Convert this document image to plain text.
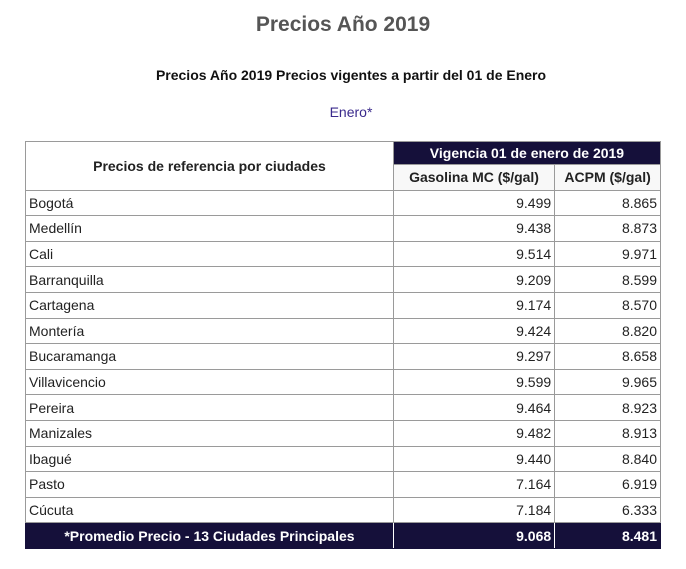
Precios Año 2019
Precios Año 2019 Precios vigentes a partir del 01 de Enero
Enero*
Precios de referencia por ciudades	Vigencia 01 de enero de 2019	
	Gasolina MC ($/gal)	ACPM ($/gal)
Bogotá	9.499	8.865
Medellín	9.438	8.873
Cali	9.514	9.971
Barranquilla	9.209	8.599
Cartagena	9.174	8.570
Montería	9.424	8.820
Bucaramanga	9.297	8.658
Villavicencio	9.599	9.965
Pereira	9.464	8.923
Manizales	9.482	8.913
Ibagué	9.440	8.840
Pasto	7.164	6.919
Cúcuta	7.184	6.333
*Promedio Precio - 13 Ciudades Principales	9.068	8.481
